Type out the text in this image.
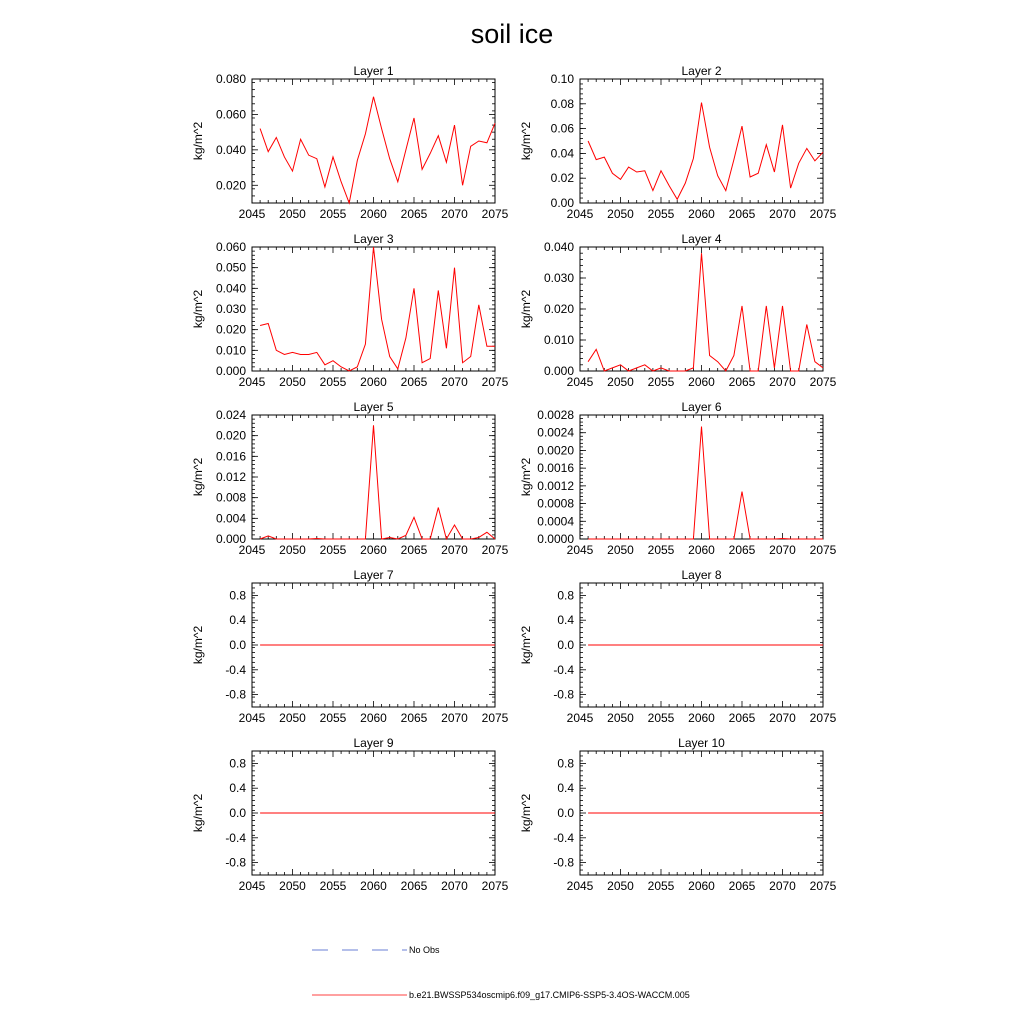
soil ice
Layer 1
2045 2050 2055 2060 2065 2070 2075
0.020
0.040
0.060
0.080
kg/m^2
Layer 2
2045 2050 2055 2060 2065 2070 2075
0.00
0.02
0.04
0.06
0.08
0.10
kg/m^2
Layer 3
2045 2050 2055 2060 2065 2070 2075
0.000
0.010
0.020
0.030
0.040
0.050
0.060
kg/m^2
Layer 4
2045 2050 2055 2060 2065 2070 2075
0.000
0.010
0.020
0.030
0.040
kg/m^2
Layer 5
2045 2050 2055 2060 2065 2070 2075
0.000
0.004
0.008
0.012
0.016
0.020
0.024
kg/m^2
Layer 6
2045 2050 2055 2060 2065 2070 2075
0.0000
0.0004
0.0008
0.0012
0.0016
0.0020
0.0024
0.0028
kg/m^2
Layer 7
2045 2050 2055 2060 2065 2070 2075
-0.8
-0.4
0.0
0.4
0.8
kg/m^2
Layer 8
2045 2050 2055 2060 2065 2070 2075
-0.8
-0.4
0.0
0.4
0.8
kg/m^2
Layer 9
2045 2050 2055 2060 2065 2070 2075
-0.8
-0.4
0.0
0.4
0.8
kg/m^2
Layer 10
2045 2050 2055 2060 2065 2070 2075
-0.8
-0.4
0.0
0.4
0.8
kg/m^2
No Obs
b.e21.BWSSP534oscmip6.f09_g17.CMIP6-SSP5-3.4OS-WACCM.005
